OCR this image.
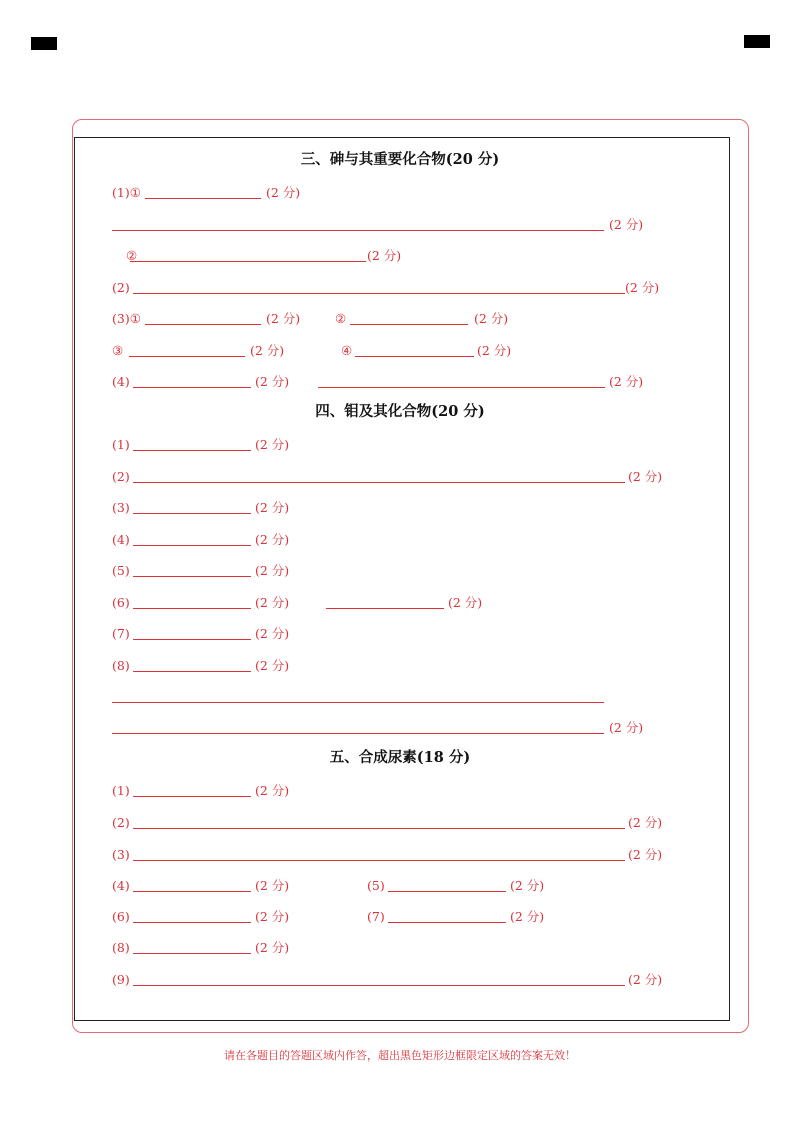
三、砷与其重要化合物(20 分)
(1)①	(2 分)
(2 分)
②	(2 分)
(2)	(2 分)
(3)①	(2 分)	②	(2 分)
③	(2 分)	④	(2 分)
(4)	(2 分)	(2 分)
四、钼及其化合物(20 分)
(1)	(2 分)
(2)	(2 分)
(3)	(2 分)
(4)	(2 分)
(5)	(2 分)
(6)	(2 分)	(2 分)
(7)	(2 分)
(8)	(2 分)
(2 分)
五、合成尿素(18 分)
(1)	(2 分)
(2)	(2 分)
(3)	(2 分)
(4)	(2 分)	(5)	(2 分)
(6)	(2 分)	(7)	(2 分)
(8)	(2 分)
(9)	(2 分)
请在各题目的答题区域内作答，超出黑色矩形边框限定区域的答案无效！
